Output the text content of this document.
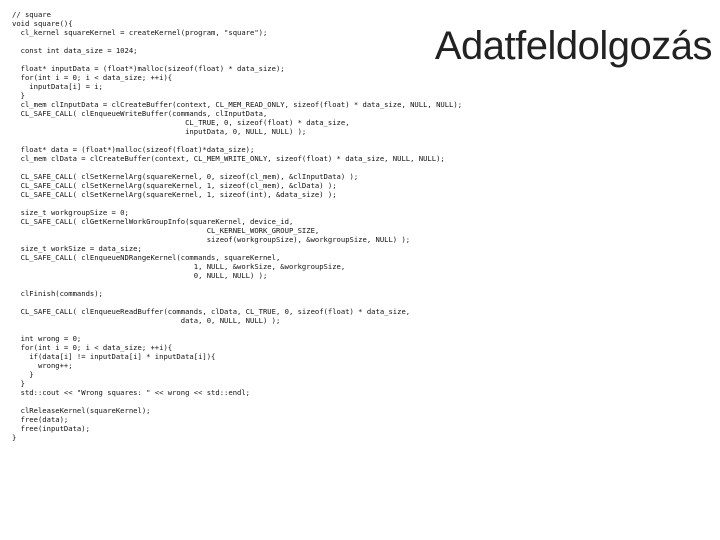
Adatfeldolgozás
// square
void square(){
cl_kernel squareKernel = createKernel(program, "square");
const int data_size = 1024;
float* inputData = (float*)malloc(sizeof(float) * data_size);
for(int i = 0; i < data_size; ++i){
inputData[i] = i;
}
cl_mem clInputData = clCreateBuffer(context, CL_MEM_READ_ONLY, sizeof(float) * data_size, NULL, NULL);
CL_SAFE_CALL( clEnqueueWriteBuffer(commands, clInputData,
CL_TRUE, 0, sizeof(float) * data_size,
inputData, 0, NULL, NULL) );
float* data = (float*)malloc(sizeof(float)*data_size);
cl_mem clData = clCreateBuffer(context, CL_MEM_WRITE_ONLY, sizeof(float) * data_size, NULL, NULL);
CL_SAFE_CALL( clSetKernelArg(squareKernel, 0, sizeof(cl_mem), &clInputData) );
CL_SAFE_CALL( clSetKernelArg(squareKernel, 1, sizeof(cl_mem), &clData) );
CL_SAFE_CALL( clSetKernelArg(squareKernel, 1, sizeof(int), &data_size) );
size_t workgroupSize = 0;
CL_SAFE_CALL( clGetKernelWorkGroupInfo(squareKernel, device_id,
CL_KERNEL_WORK_GROUP_SIZE,
sizeof(workgroupSize), &workgroupSize, NULL) );
size_t workSize = data_size;
CL_SAFE_CALL( clEnqueueNDRangeKernel(commands, squareKernel,
1, NULL, &workSize, &workgroupSize,
0, NULL, NULL) );
clFinish(commands);
CL_SAFE_CALL( clEnqueueReadBuffer(commands, clData, CL_TRUE, 0, sizeof(float) * data_size,
data, 0, NULL, NULL) );
int wrong = 0;
for(int i = 0; i < data_size; ++i){
if(data[i] != inputData[i] * inputData[i]){
wrong++;
}
}
std::cout << "Wrong squares: " << wrong << std::endl;
clReleaseKernel(squareKernel);
free(data);
free(inputData);
}
